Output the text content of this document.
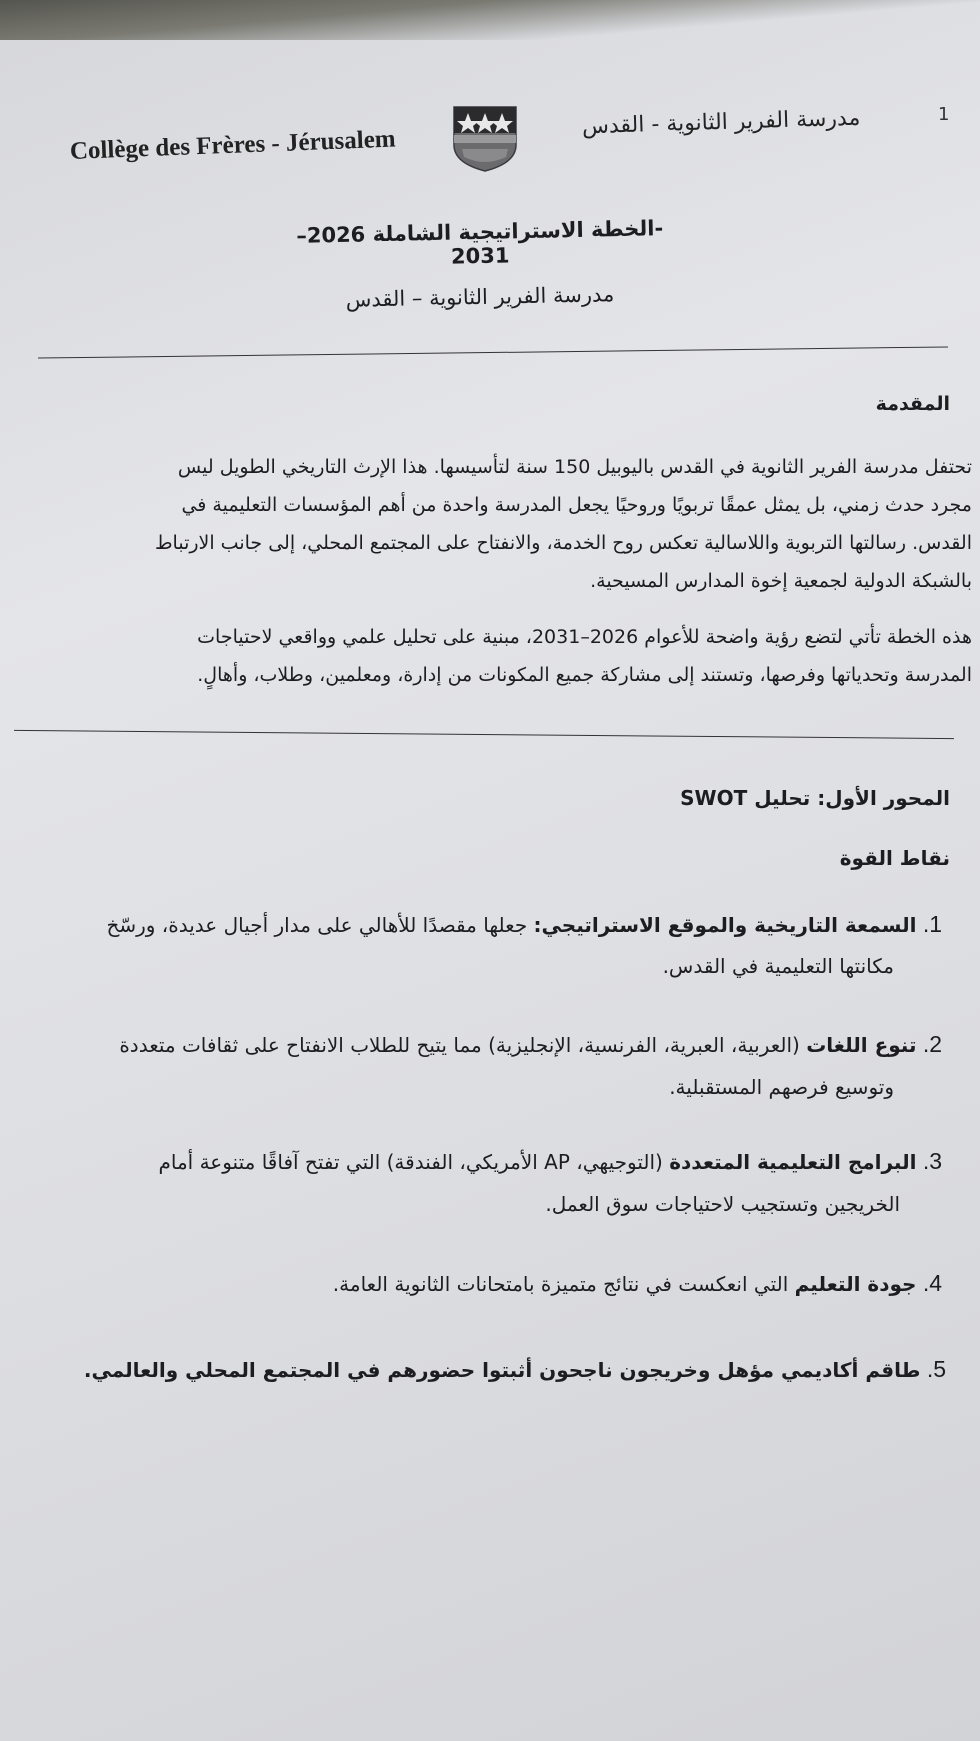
1
Collège des Frères - Jérusalem
مدرسة الفرير الثانوية - القدس
-الخطة الاستراتيجية الشاملة 2026–2031
مدرسة الفرير الثانوية – القدس
المقدمة
تحتفل مدرسة الفرير الثانوية في القدس باليوبيل 150 سنة لتأسيسها. هذا الإرث التاريخي الطويل ليس
مجرد حدث زمني، بل يمثل عمقًا تربويًا وروحيًا يجعل المدرسة واحدة من أهم المؤسسات التعليمية في
القدس. رسالتها التربوية واللاسالية تعكس روح الخدمة، والانفتاح على المجتمع المحلي، إلى جانب الارتباط
بالشبكة الدولية لجمعية إخوة المدارس المسيحية.
هذه الخطة تأتي لتضع رؤية واضحة للأعوام 2026–2031، مبنية على تحليل علمي وواقعي لاحتياجات
المدرسة وتحدياتها وفرصها، وتستند إلى مشاركة جميع المكونات من إدارة، ومعلمين، وطلاب، وأهالٍ.
المحور الأول: تحليل SWOT
نقاط القوة
1. السمعة التاريخية والموقع الاستراتيجي: جعلها مقصدًا للأهالي على مدار أجيال عديدة، ورسّخ
مكانتها التعليمية في القدس.
2. تنوع اللغات (العربية، العبرية، الفرنسية، الإنجليزية) مما يتيح للطلاب الانفتاح على ثقافات متعددة
وتوسيع فرصهم المستقبلية.
3. البرامج التعليمية المتعددة (التوجيهي، AP الأمريكي، الفندقة) التي تفتح آفاقًا متنوعة أمام
الخريجين وتستجيب لاحتياجات سوق العمل.
4. جودة التعليم التي انعكست في نتائج متميزة بامتحانات الثانوية العامة.
5. طاقم أكاديمي مؤهل وخريجون ناجحون أثبتوا حضورهم في المجتمع المحلي والعالمي.
